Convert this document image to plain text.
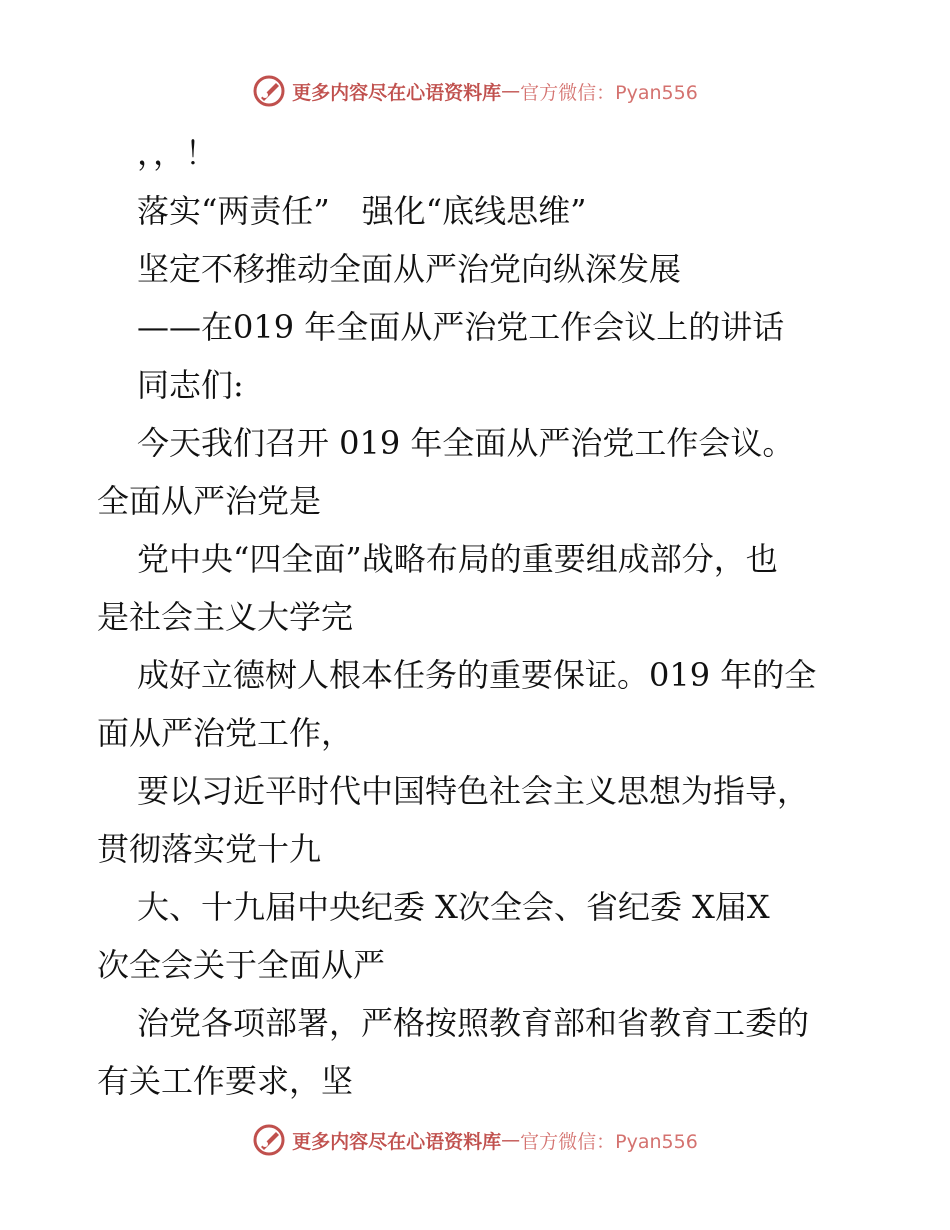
更多内容尽在心语资料库 — 官方微信：Pyan556
，，！
落实“两责任”　强化“底线思维”
坚定不移推动全面从严治党向纵深发展
——在019 年全面从严治党工作会议上的讲话
同志们:
今天我们召开 019 年全面从严治党工作会议。
全面从严治党是
党中央“四全面”战略布局的重要组成部分，也
是社会主义大学完
成好立德树人根本任务的重要保证。019 年的全
面从严治党工作，
要以习近平时代中国特色社会主义思想为指导，
贯彻落实党十九
大、十九届中央纪委 X次全会、省纪委 X届X
次全会关于全面从严
治党各项部署，严格按照教育部和省教育工委的
有关工作要求，坚
更多内容尽在心语资料库 — 官方微信：Pyan556
